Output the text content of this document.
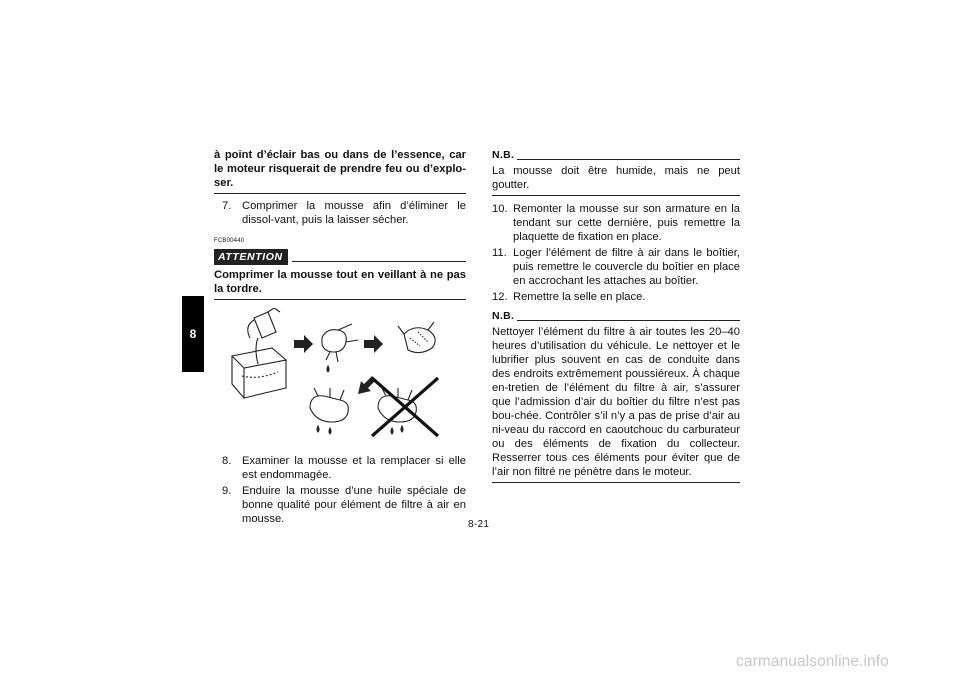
8

à point d’éclair bas ou dans de l’essence, car le moteur risquerait de prendre feu ou d’explo-ser.

7. Comprimer la mousse afin d’éliminer le dissol-vant, puis la laisser sécher.
FCB00440
ATTENTION

Comprimer la mousse tout en veillant à ne pas la tordre.

8. Examiner la mousse et la remplacer si elle est endommagée.
9. Enduire la mousse d’une huile spéciale de bonne qualité pour élément de filtre à air en mousse.
N.B.

La mousse doit être humide, mais ne peut goutter.

10. Remonter la mousse sur son armature en la tendant sur cette dernière, puis remettre la plaquette de fixation en place.
11. Loger l’élément de filtre à air dans le boîtier, puis remettre le couvercle du boîtier en place en accrochant les attaches au boîtier.
12. Remettre la selle en place.
N.B.

Nettoyer l’élément du filtre à air toutes les 20–40 heures d’utilisation du véhicule. Le nettoyer et le lubrifier plus souvent en cas de conduite dans des endroits extrêmement poussiéreux. À chaque en-tretien de l’élément du filtre à air, s’assurer que l’admission d’air du boîtier du filtre n’est pas bou-chée. Contrôler s’il n’y a pas de prise d’air au ni-veau du raccord en caoutchouc du carburateur ou des éléments de fixation du collecteur. Resserrer tous ces éléments pour éviter que de l’air non filtré ne pénètre dans le moteur.

8-21
carmanualsonline.info
